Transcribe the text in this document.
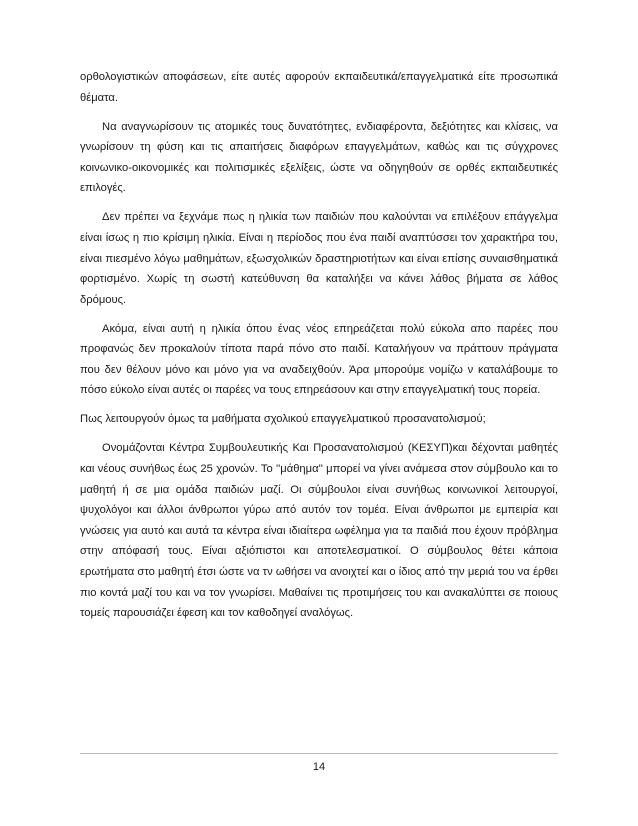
ορθολογιστικών αποφάσεων, είτε αυτές αφορούν εκπαιδευτικά/επαγγελματικά είτε προσωπικά θέματα.

Να αναγνωρίσουν τις ατομικές τους δυνατότητες, ενδιαφέροντα, δεξιότητες και κλίσεις, να γνωρίσουν τη φύση και τις απαιτήσεις διαφόρων επαγγελμάτων, καθώς και τις σύγχρονες κοινωνικο-οικονομικές και πολιτισμικές εξελίξεις, ώστε να οδηγηθούν σε ορθές εκπαιδευτικές επιλογές.

Δεν πρέπει να ξεχνάμε πως η ηλικία των παιδιών που καλούνται να επιλέξουν επάγγελμα είναι ίσως η πιο κρίσιμη ηλικία. Είναι η περίοδος που ένα παιδί αναπτύσσει τον χαρακτήρα του, είναι πιεσμένο λόγω μαθημάτων, εξωσχολικών δραστηριοτήτων και είναι επίσης συναισθηματικά φορτισμένο. Χωρίς τη σωστή κατεύθυνση θα καταλήξει να κάνει λάθος βήματα σε λάθος δρόμους.

Ακόμα, είναι αυτή η ηλικία όπου ένας νέος επηρεάζεται πολύ εύκολα απο παρέες που προφανώς δεν προκαλούν τίποτα παρά πόνο στο παιδί. Καταλήγουν να πράττουν πράγματα που δεν θέλουν μόνο και μόνο για να αναδειχθούν. Άρα μπορούμε νομίζω ν καταλάβουμε το πόσο εύκολο είναι αυτές οι παρέες να τους επηρεάσουν και στην επαγγελματική τους πορεία.

Πως λειτουργούν όμως τα μαθήματα σχολικού επαγγελματικού προσανατολισμού;

Ονομάζονται Κέντρα Συμβουλευτικής Και Προσανατολισμού (ΚΕΣΥΠ)και δέχονται μαθητές και νέους συνήθως έως 25 χρονών. Το ''μάθημα'' μπορεί να γίνει ανάμεσα στον σύμβουλο και το μαθητή ή σε μια ομάδα παιδιών μαζί. Οι σύμβουλοι είναι συνήθως κοινωνικοί λειτουργοί, ψυχολόγοι και άλλοι άνθρωποι γύρω από αυτόν τον τομέα. Είναι άνθρωποι με εμπειρία και γνώσεις για αυτό και αυτά τα κέντρα είναι ιδιαίτερα ωφέλημα για τα παιδιά που έχουν πρόβλημα στην απόφασή τους. Είναι αξιόπιστοι και αποτελεσματικοί. Ο σύμβουλος θέτει κάποια ερωτήματα στο μαθητή έτσι ώστε να τν ωθήσει να ανοιχτεί και ο ίδιος από την μεριά του να έρθει πιο κοντά μαζί του και να τον γνωρίσει. Μαθαίνει τις προτιμήσεις του και ανακαλύπτει σε ποιους τομείς παρουσιάζει έφεση και τον καθοδηγεί αναλόγως.

14
